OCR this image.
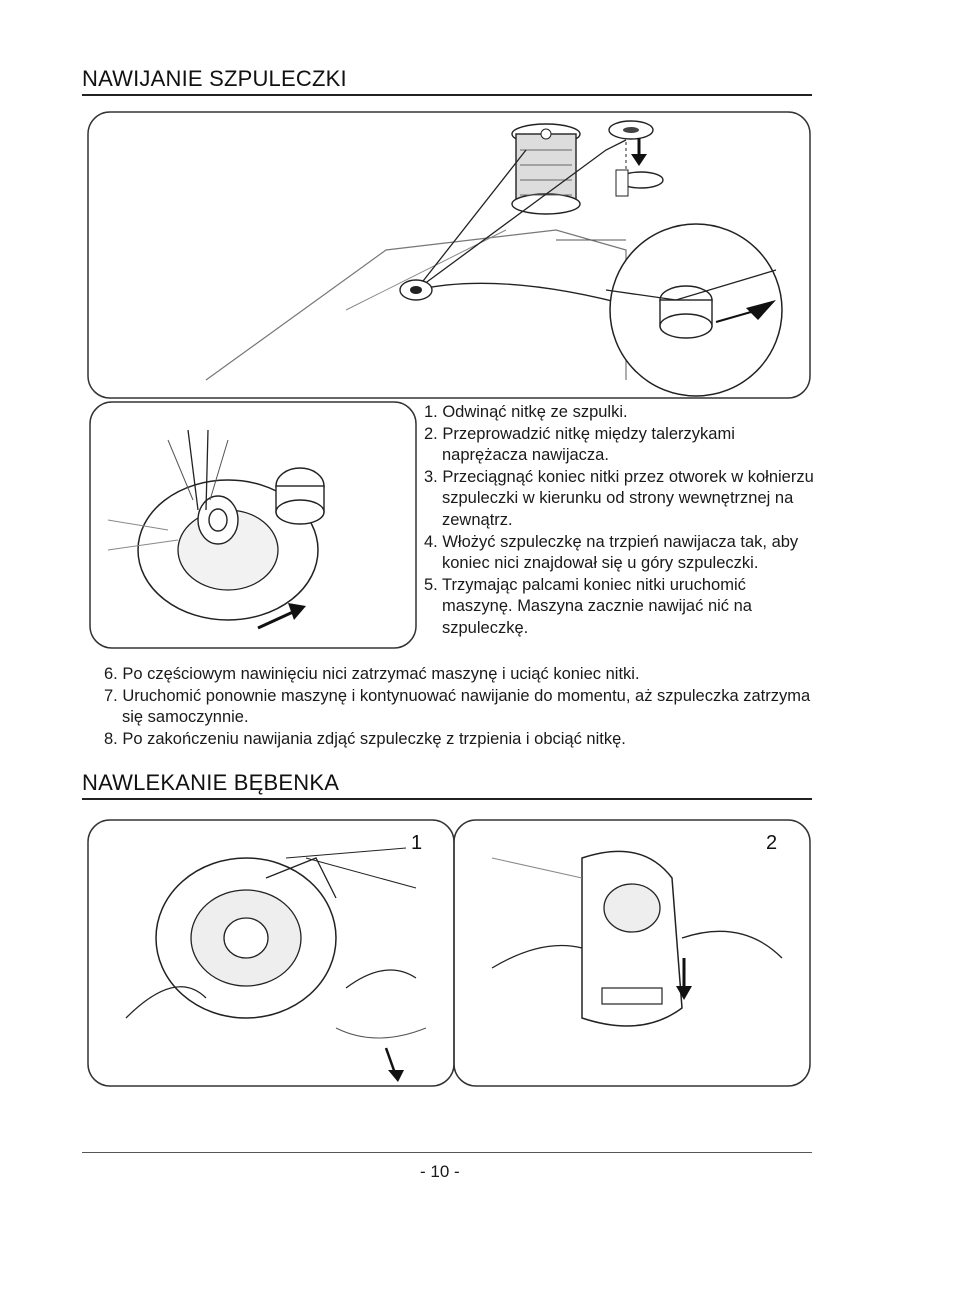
NAWIJANIE SZPULECZKI
1. Odwinąć nitkę ze szpulki.
2. Przeprowadzić nitkę między talerzykami naprężacza nawijacza.
3. Przeciągnąć koniec nitki przez otworek w kołnierzu szpuleczki w kierunku od strony wewnętrznej na zewnątrz.
4. Włożyć szpuleczkę na trzpień nawijacza tak, aby koniec nici znajdował się u góry szpuleczki.
5. Trzymając palcami koniec nitki uruchomić maszynę. Maszyna zacznie nawijać nić na szpuleczkę.
6. Po częściowym nawinięciu nici zatrzymać maszynę i uciąć koniec nitki.
7. Uruchomić ponownie maszynę i kontynuować nawijanie do momentu, aż szpuleczka zatrzyma się samoczynnie.
8. Po zakończeniu nawijania zdjąć szpuleczkę z trzpienia i obciąć nitkę.
NAWLEKANIE BĘBENKA
1	2
- 10 -
